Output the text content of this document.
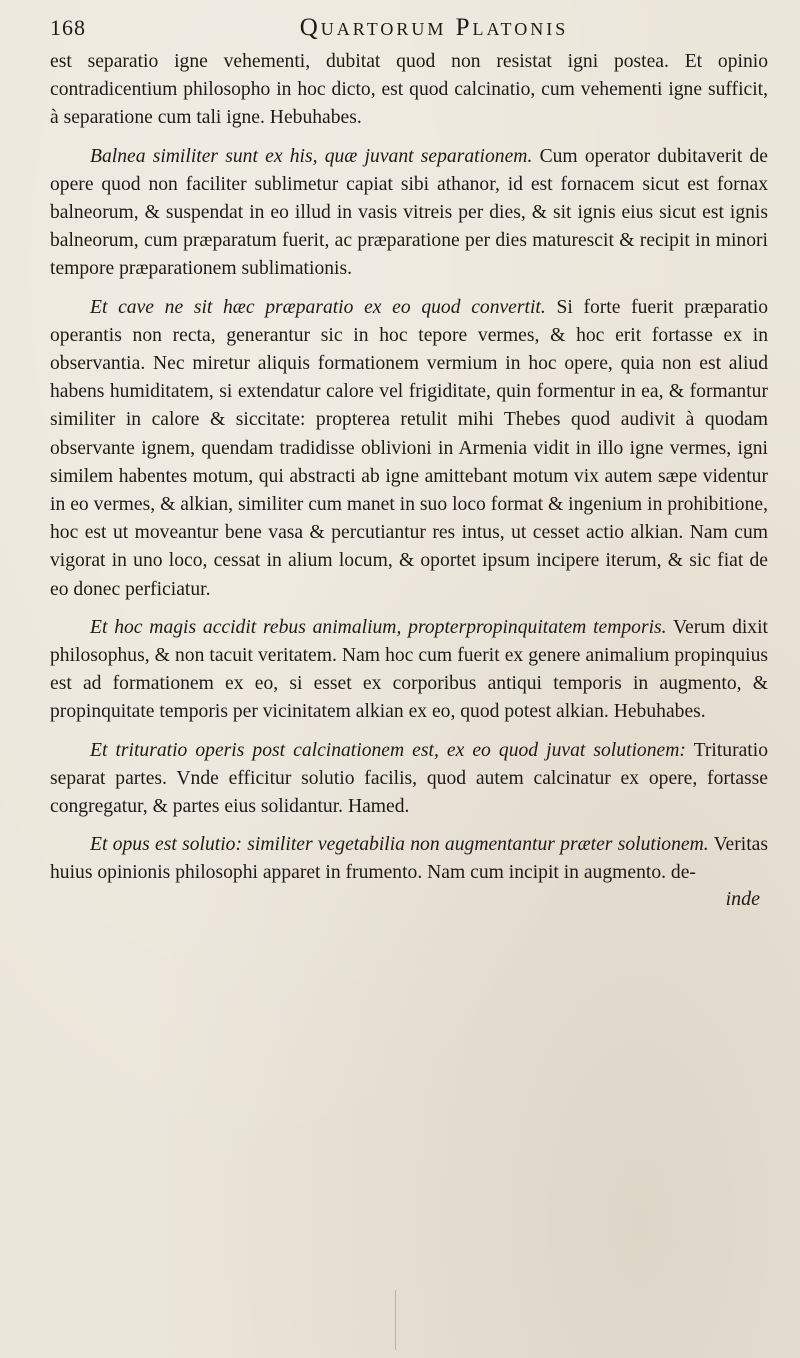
168	Quartorum Platonis

est separatio igne vehementi, dubitat quod non resistat igni postea. Et opinio contradicentium philosopho in hoc dicto, est quod calcinatio, cum vehementi igne sufficit, à separatione cum tali igne. Hebuhabes.

Balnea similiter sunt ex his, quæ juvant separationem. Cum operator dubitaverit de opere quod non faciliter sublimetur capiat sibi athanor, id est fornacem sicut est fornax balneorum, & suspendat in eo illud in vasis vitreis per dies, & sit ignis eius sicut est ignis balneorum, cum præparatum fuerit, ac præparatione per dies maturescit & recipit in minori tempore præparationem sublimationis.

Et cave ne sit hæc præparatio ex eo quod convertit. Si forte fuerit præparatio operantis non recta, generantur sic in hoc tepore vermes, & hoc erit fortasse ex in observantia. Nec miretur aliquis formationem vermium in hoc opere, quia non est aliud habens humiditatem, si extendatur calore vel frigiditate, quin formentur in ea, & formantur similiter in calore & siccitate: propterea retulit mihi Thebes quod audivit à quodam observante ignem, quendam tradidisse oblivioni in Armenia vidit in illo igne vermes, igni similem habentes motum, qui abstracti ab igne amittebant motum vix autem sæpe videntur in eo vermes, & alkian, similiter cum manet in suo loco format & ingenium in prohibitione, hoc est ut moveantur bene vasa & percutiantur res intus, ut cesset actio alkian. Nam cum vigorat in uno loco, cessat in alium locum, & oportet ipsum incipere iterum, & sic fiat de eo donec perficiatur.

Et hoc magis accidit rebus animalium, propterpropinquitatem temporis. Verum dixit philosophus, & non tacuit veritatem. Nam hoc cum fuerit ex genere animalium propinquius est ad formationem ex eo, si esset ex corporibus antiqui temporis in augmento, & propinquitate temporis per vicinitatem alkian ex eo, quod potest alkian. Hebuhabes.

Et trituratio operis post calcinationem est, ex eo quod juvat solutionem: Trituratio separat partes. Vnde efficitur solutio facilis, quod autem calcinatur ex opere, fortasse congregatur, & partes eius solidantur. Hamed.

Et opus est solutio: similiter vegetabilia non augmentantur præter solutionem. Veritas huius opinionis philosophi apparet in frumento. Nam cum incipit in augmento. de-

inde
